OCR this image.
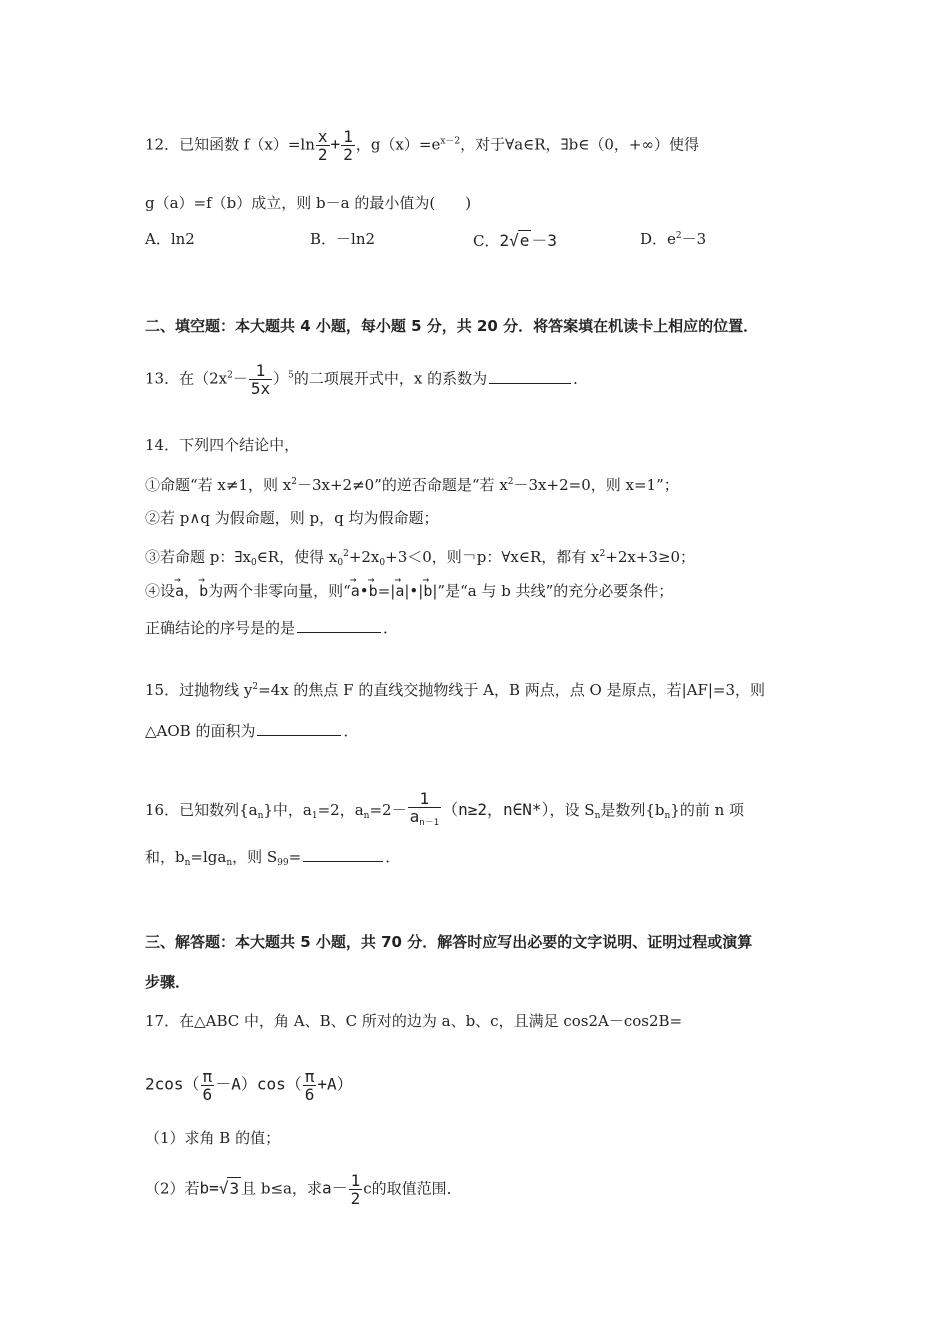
12．已知函数 $f(x)=\ln \frac{x}{2} + \frac{1}{2}$ ，$g(x)=e^{x-2}$，对于∀a∈R，∃b∈（0，+∞）使得
g（a）=f（b）成立，则 b－a 的最小值为(　　)
A．ln2	B．－ln2	C．2√e －3	D．$e^2-3$
二、填空题：本大题共 4 小题，每小题 5 分，共 20 分．将答案填在机读卡上相应的位置．
13．在$(2x^2- \frac{1}{5x} )^5$的二项展开式中，x 的系数为	．
14．下列四个结论中，
①命题“若 x≠1，则 $x^2-3x+2\ne 0$”的逆否命题是“若 $x^2-3x+2=0$，则 x=1”；
②若 p∧q 为假命题，则 p，q 均为假命题；
③若命题 p：$\exists x_0\in R$，使得 $x_0^2+2x_0+3<0$，则￢p：∀x∈R，都有 $x^2+2x+3\ge 0$；
④设→ a，→ b为两个非零向量，则“→ a•→ b=|→ a|•|→ b|”是“a 与 b 共线”的充分必要条件；
正确结论的序号是的是	．
15．过抛物线 $y^2=4x$ 的焦点 F 的直线交抛物线于 A，B 两点，点 O 是原点，若|AF|=3，则
△AOB 的面积为	．
16．已知数列$\{a_n\}$中，$a_1=2$，$a_n=2- \frac{1}{a_{n-1}} (n\ge 2$，n∈N*），设 $S_n$是数列$\{b_n\}$的前 n 项
和，$b_n=\lg a_n$，则 $S_{99}=$	．
三、解答题：本大题共 5 小题，共 70 分．解答时应写出必要的文字说明、证明过程或演算
步骤．
17．在△ABC 中，角 A、B、C 所对的边为 a、b、c，且满足 cos2A－cos2B=
$2\cos( \frac{\pi}{6} -A)\cos( \frac{\pi}{6} +A)$
（1）求角 B 的值；
（2）若b=√3 且 b≤a，求$a- \frac{1}{2}$ c的取值范围．
